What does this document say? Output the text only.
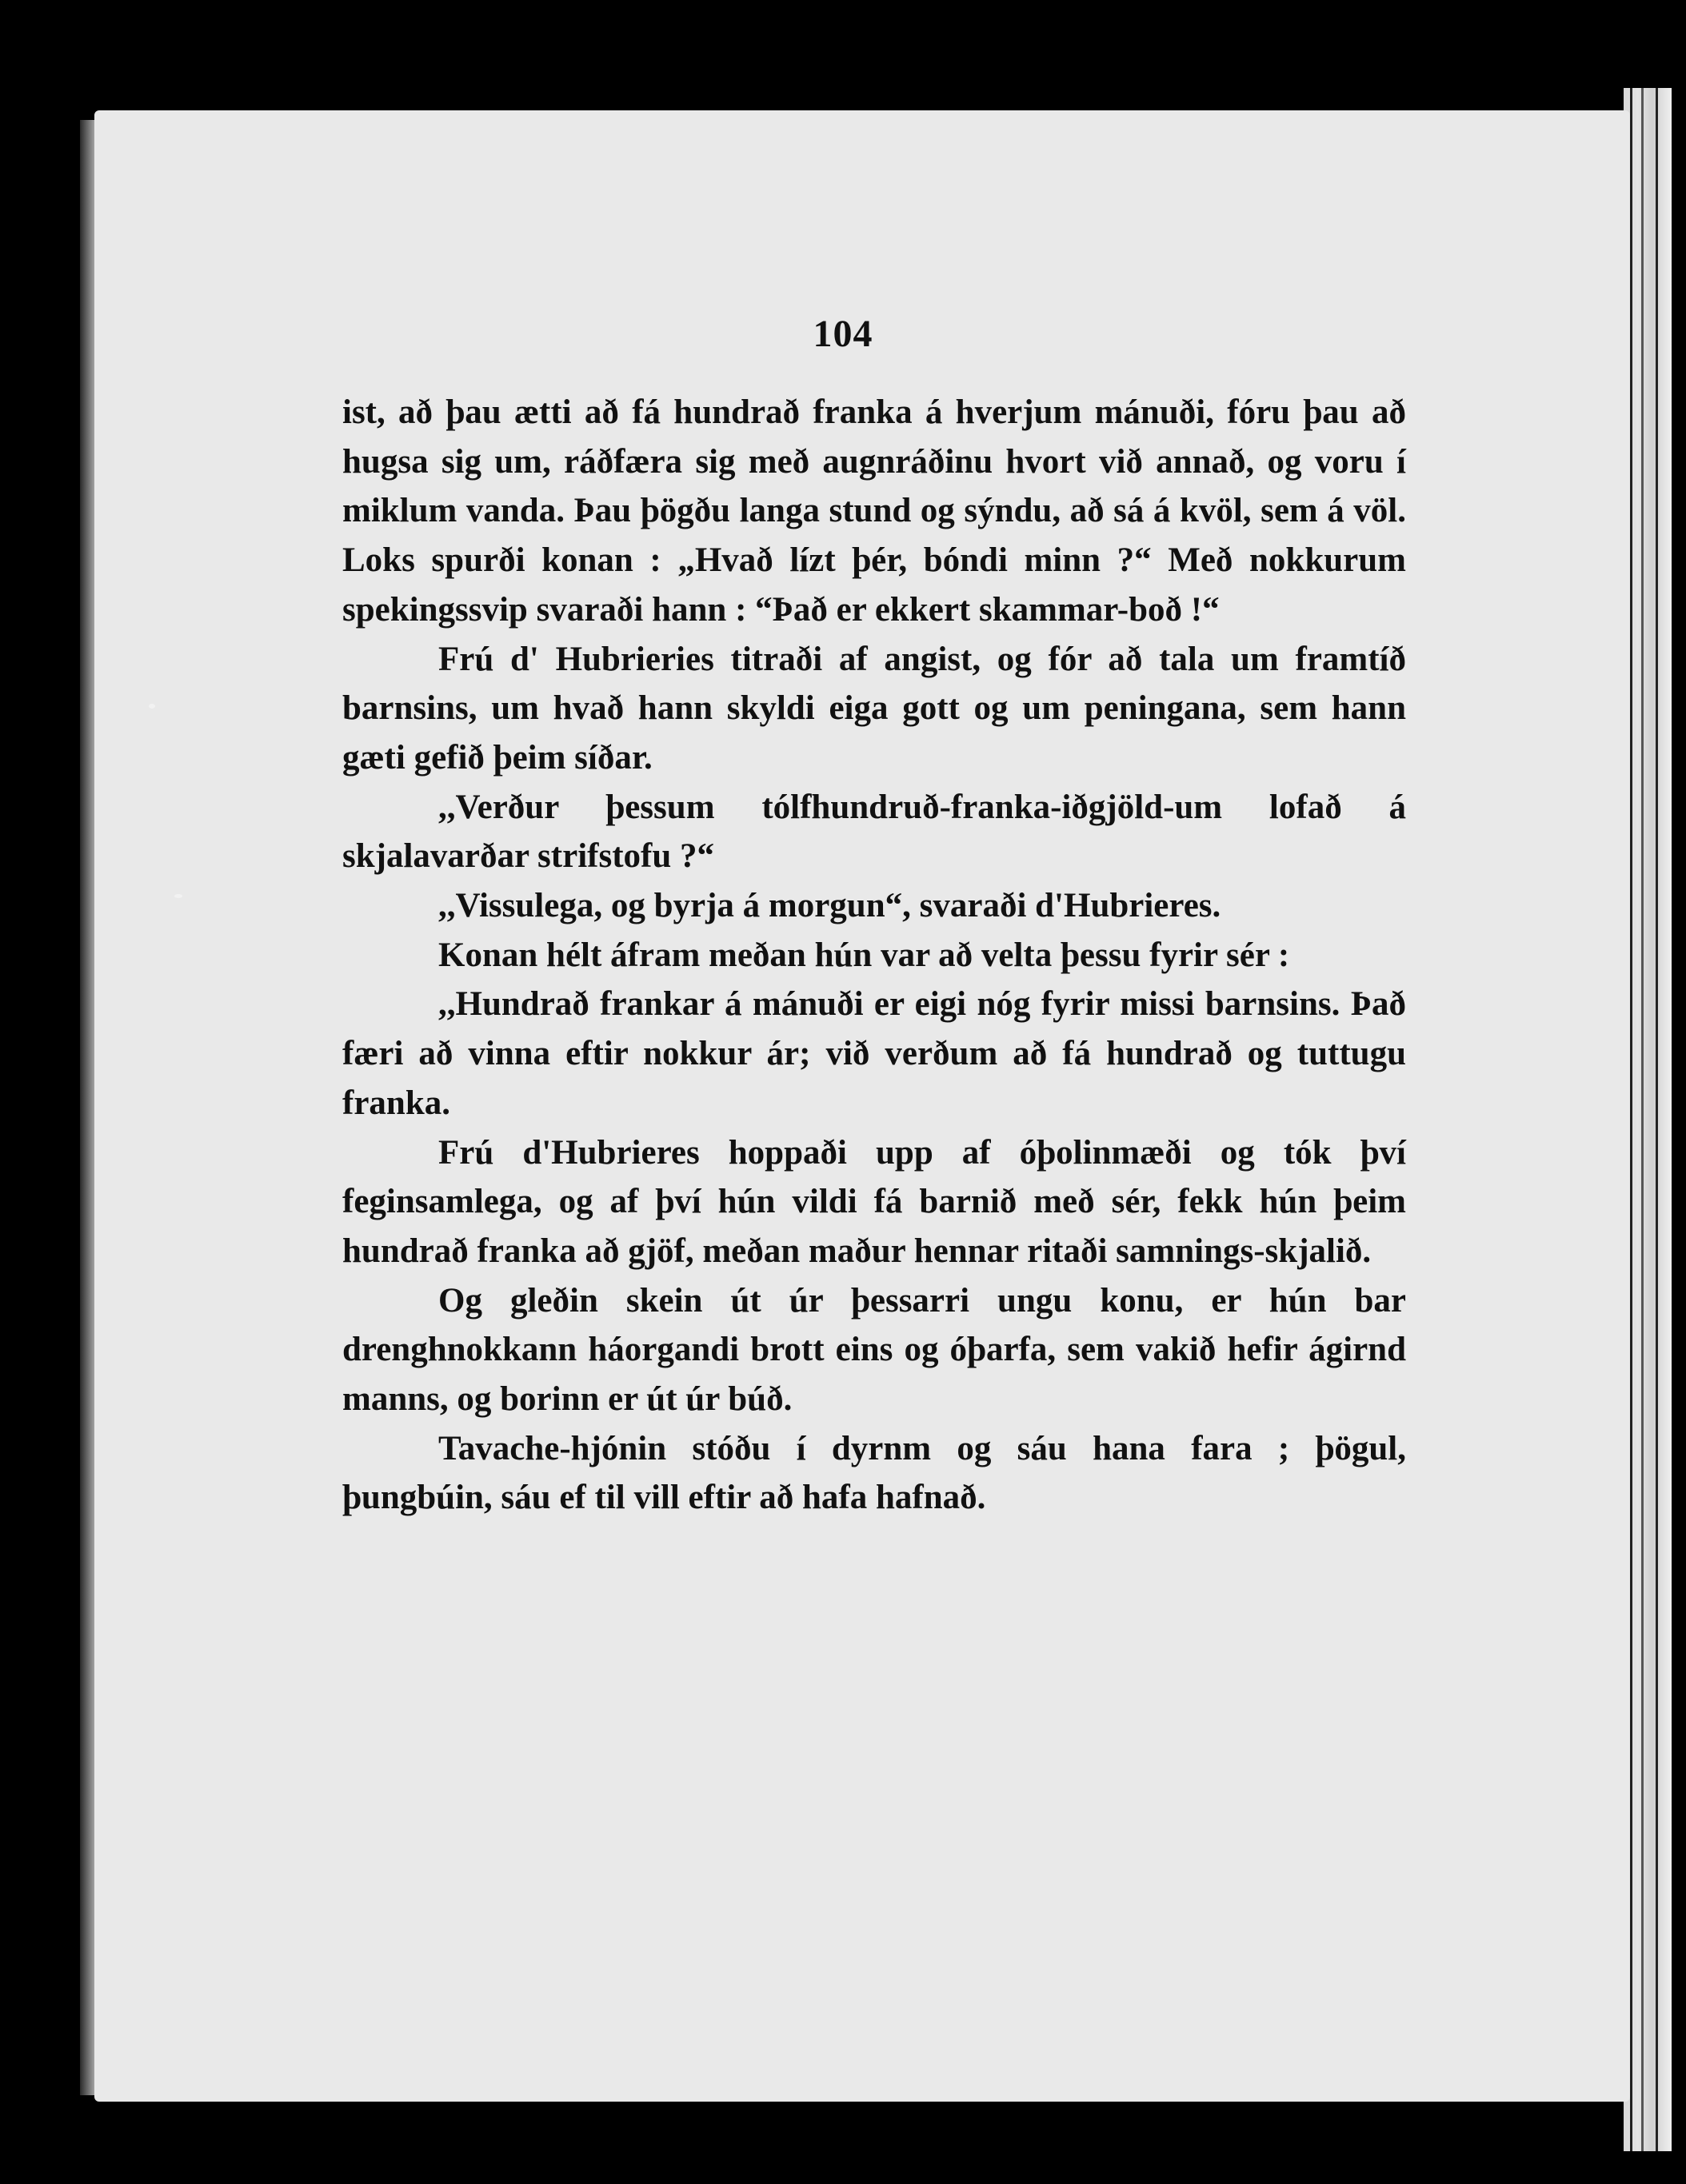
104

ist, að þau ætti að fá hundrað franka á hverjum mánuði, fóru þau að hugsa sig um, ráðfæra sig með augnráðinu hvort við annað, og voru í miklum vanda. Þau þögðu langa stund og sýndu, að sá á kvöl, sem á völ. Loks spurði konan : „Hvað lízt þér, bóndi minn ?“ Með nokkurum spekingssvip svaraði hann : “Það er ekkert skammar-boð !“

Frú d' Hubrieries titraði af angist, og fór að tala um framtíð barnsins, um hvað hann skyldi eiga gott og um peningana, sem hann gæti gefið þeim síðar.

,,Verður þessum tólfhundruð-franka-iðgjöld-um lofað á skjalavarðar strifstofu ?“

,,Vissulega, og byrja á morgun“, svaraði d'Hubrieres.

Konan hélt áfram meðan hún var að velta þessu fyrir sér :

,,Hundrað frankar á mánuði er eigi nóg fyrir missi barnsins. Það færi að vinna eftir nokkur ár; við verðum að fá hundrað og tuttugu franka.

Frú d'Hubrieres hoppaði upp af óþolinmæði og tók því feginsamlega, og af því hún vildi fá barnið með sér, fekk hún þeim hundrað franka að gjöf, meðan maður hennar ritaði samnings-skjalið.

Og gleðin skein út úr þessarri ungu konu, er hún bar drenghnokkann háorgandi brott eins og óþarfa, sem vakið hefir ágirnd manns, og borinn er út úr búð.

Tavache-hjónin stóðu í dyrnm og sáu hana fara ; þögul, þungbúin, sáu ef til vill eftir að hafa hafnað.
